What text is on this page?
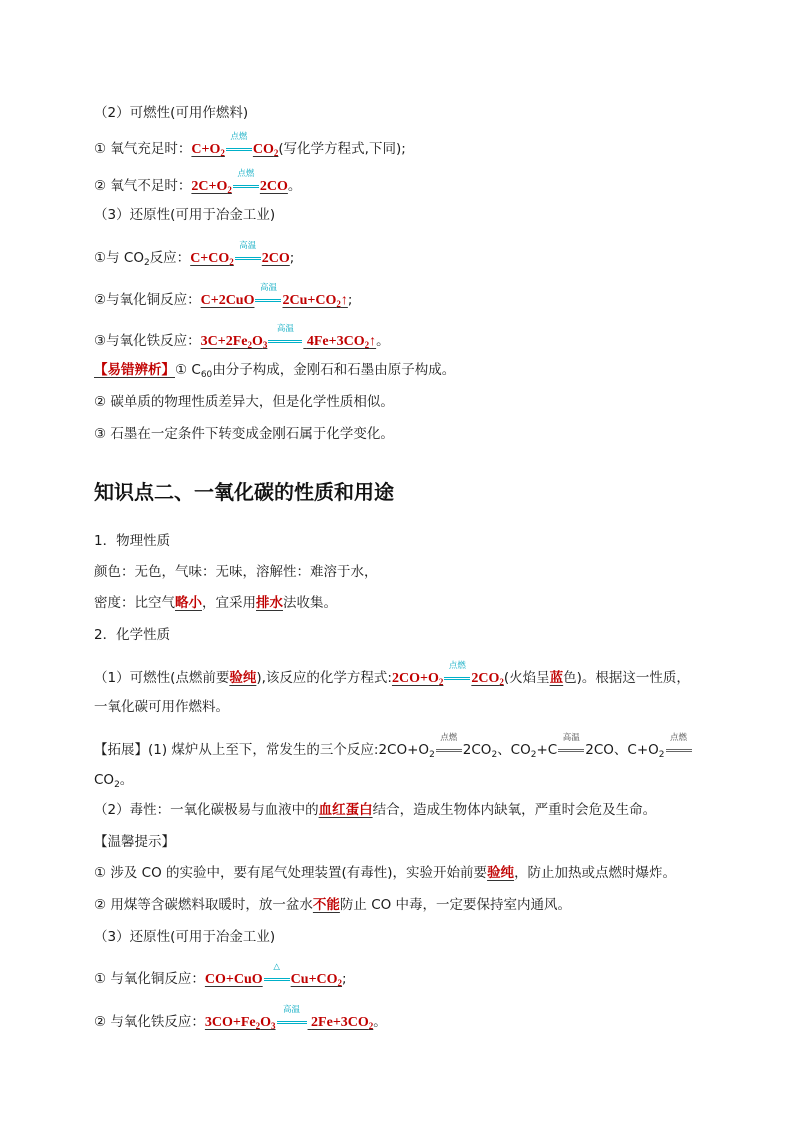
（2）可燃性(可用作燃料)
① 氧气充足时：$C+O_2$
点燃
$CO_2$(写化学方程式,下同);
② 氧气不足时：$2C+O_2$
点燃
2CO。
（3）还原性(可用于冶金工业)
①与 $CO_2$反应：$C+CO_2$
高温
2CO;
②与氧化铜反应：C+2CuO
高温
$2Cu+CO_2↑$;
③与氧化铁反应：$3C+2Fe_2O_3$
高温
$4Fe+3CO_2↑$。
【易错辨析】① $C_{60}$由分子构成，金刚石和石墨由原子构成。
② 碳单质的物理性质差异大，但是化学性质相似。
③ 石墨在一定条件下转变成金刚石属于化学变化。
知识点二、一氧化碳的性质和用途
1．物理性质
颜色：无色，气味：无味，溶解性：难溶于水，
密度：比空气略小，宜采用排水法收集。
2．化学性质
（1）可燃性(点燃前要验纯),该反应的化学方程式$:2CO+O_2$
点燃
$2CO_2$(火焰呈蓝色)。根据这一性质，
一氧化碳可用作燃料。
【拓展】(1) 煤炉从上至下，常发生的三个反应$:2CO+O_2$
点燃
$2CO_2$、$CO_2+C$
高温
2CO、$C+O_2$
点燃
$CO_2$。
（2）毒性：一氧化碳极易与血液中的血红蛋白结合，造成生物体内缺氧，严重时会危及生命。
【温馨提示】
① 涉及 CO 的实验中，要有尾气处理装置(有毒性)，实验开始前要验纯，防止加热或点燃时爆炸。
② 用煤等含碳燃料取暖时，放一盆水不能防止 CO 中毒，一定要保持室内通风。
（3）还原性(可用于冶金工业)
① 与氧化铜反应：CO+CuO
△
$Cu+CO_2$;
② 与氧化铁反应：$3CO+Fe_2O_3$
高温
$2Fe+3CO_2$。
